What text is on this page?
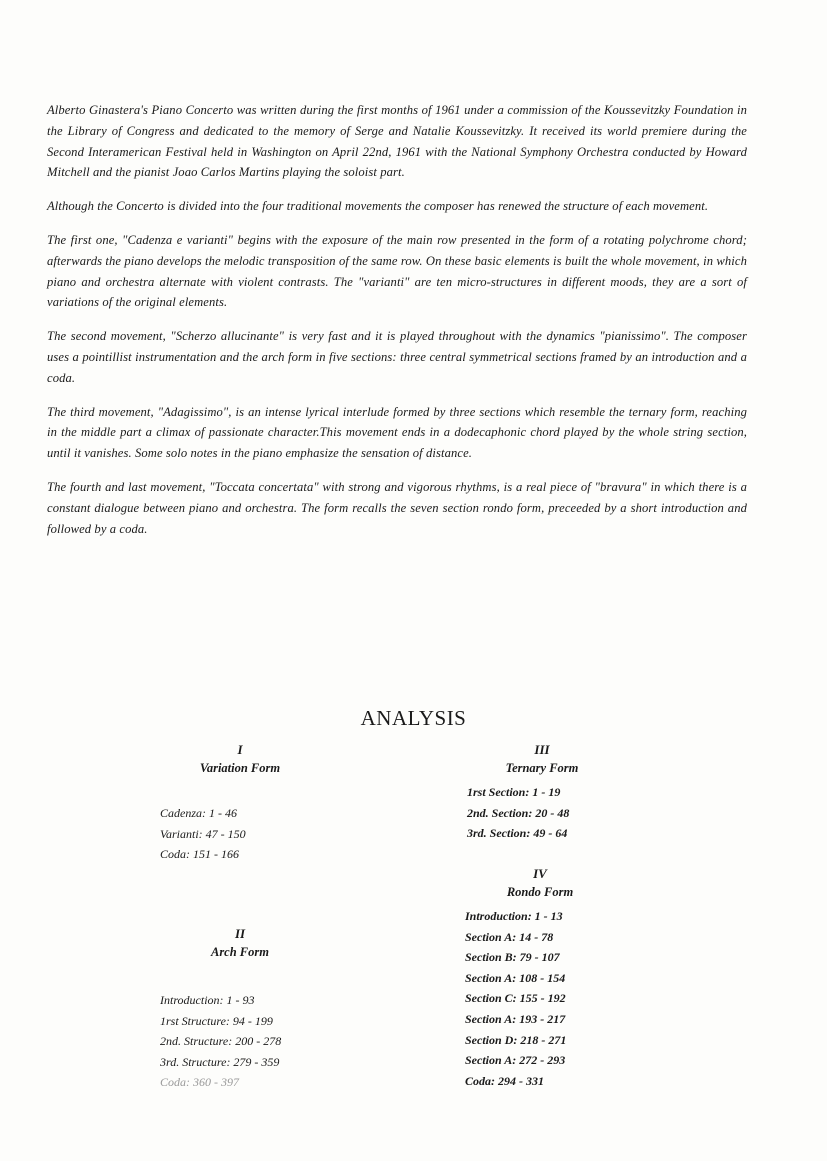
Alberto Ginastera's Piano Concerto was written during the first months of 1961 under a commission of the Koussevitzky Foundation in the Library of Congress and dedicated to the memory of Serge and Natalie Koussevitzky. It received its world premiere during the Second Interamerican Festival held in Washington on April 22nd, 1961 with the National Symphony Orchestra conducted by Howard Mitchell and the pianist Joao Carlos Martins playing the soloist part.

Although the Concerto is divided into the four traditional movements the composer has renewed the structure of each movement.

The first one, "Cadenza e varianti" begins with the exposure of the main row presented in the form of a rotating polychrome chord; afterwards the piano develops the melodic transposition of the same row. On these basic elements is built the whole movement, in which piano and orchestra alternate with violent contrasts. The "varianti" are ten micro-structures in different moods, they are a sort of variations of the original elements.

The second movement, "Scherzo allucinante" is very fast and it is played throughout with the dynamics "pianissimo". The composer uses a pointillist instrumentation and the arch form in five sections: three central symmetrical sections framed by an introduction and a coda.

The third movement, "Adagissimo", is an intense lyrical interlude formed by three sections which resemble the ternary form, reaching in the middle part a climax of passionate character.This movement ends in a dodecaphonic chord played by the whole string section, until it vanishes. Some solo notes in the piano emphasize the sensation of distance.

The fourth and last movement, "Toccata concertata" with strong and vigorous rhythms, is a real piece of "bravura" in which there is a constant dialogue between piano and orchestra. The form recalls the seven section rondo form, preceeded by a short introduction and followed by a coda.

ANALYSIS
I
Variation Form
Cadenza: 1 - 46
Varianti: 47 - 150
Coda: 151 - 166
II
Arch Form
Introduction: 1 - 93
1rst Structure: 94 - 199
2nd. Structure: 200 - 278
3rd. Structure: 279 - 359
Coda: 360 - 397
III
Ternary Form
1rst Section: 1 - 19
2nd. Section: 20 - 48
3rd. Section: 49 - 64
IV
Rondo Form
Introduction: 1 - 13
Section A: 14 - 78
Section B: 79 - 107
Section A: 108 - 154
Section C: 155 - 192
Section A: 193 - 217
Section D: 218 - 271
Section A: 272 - 293
Coda: 294 - 331
